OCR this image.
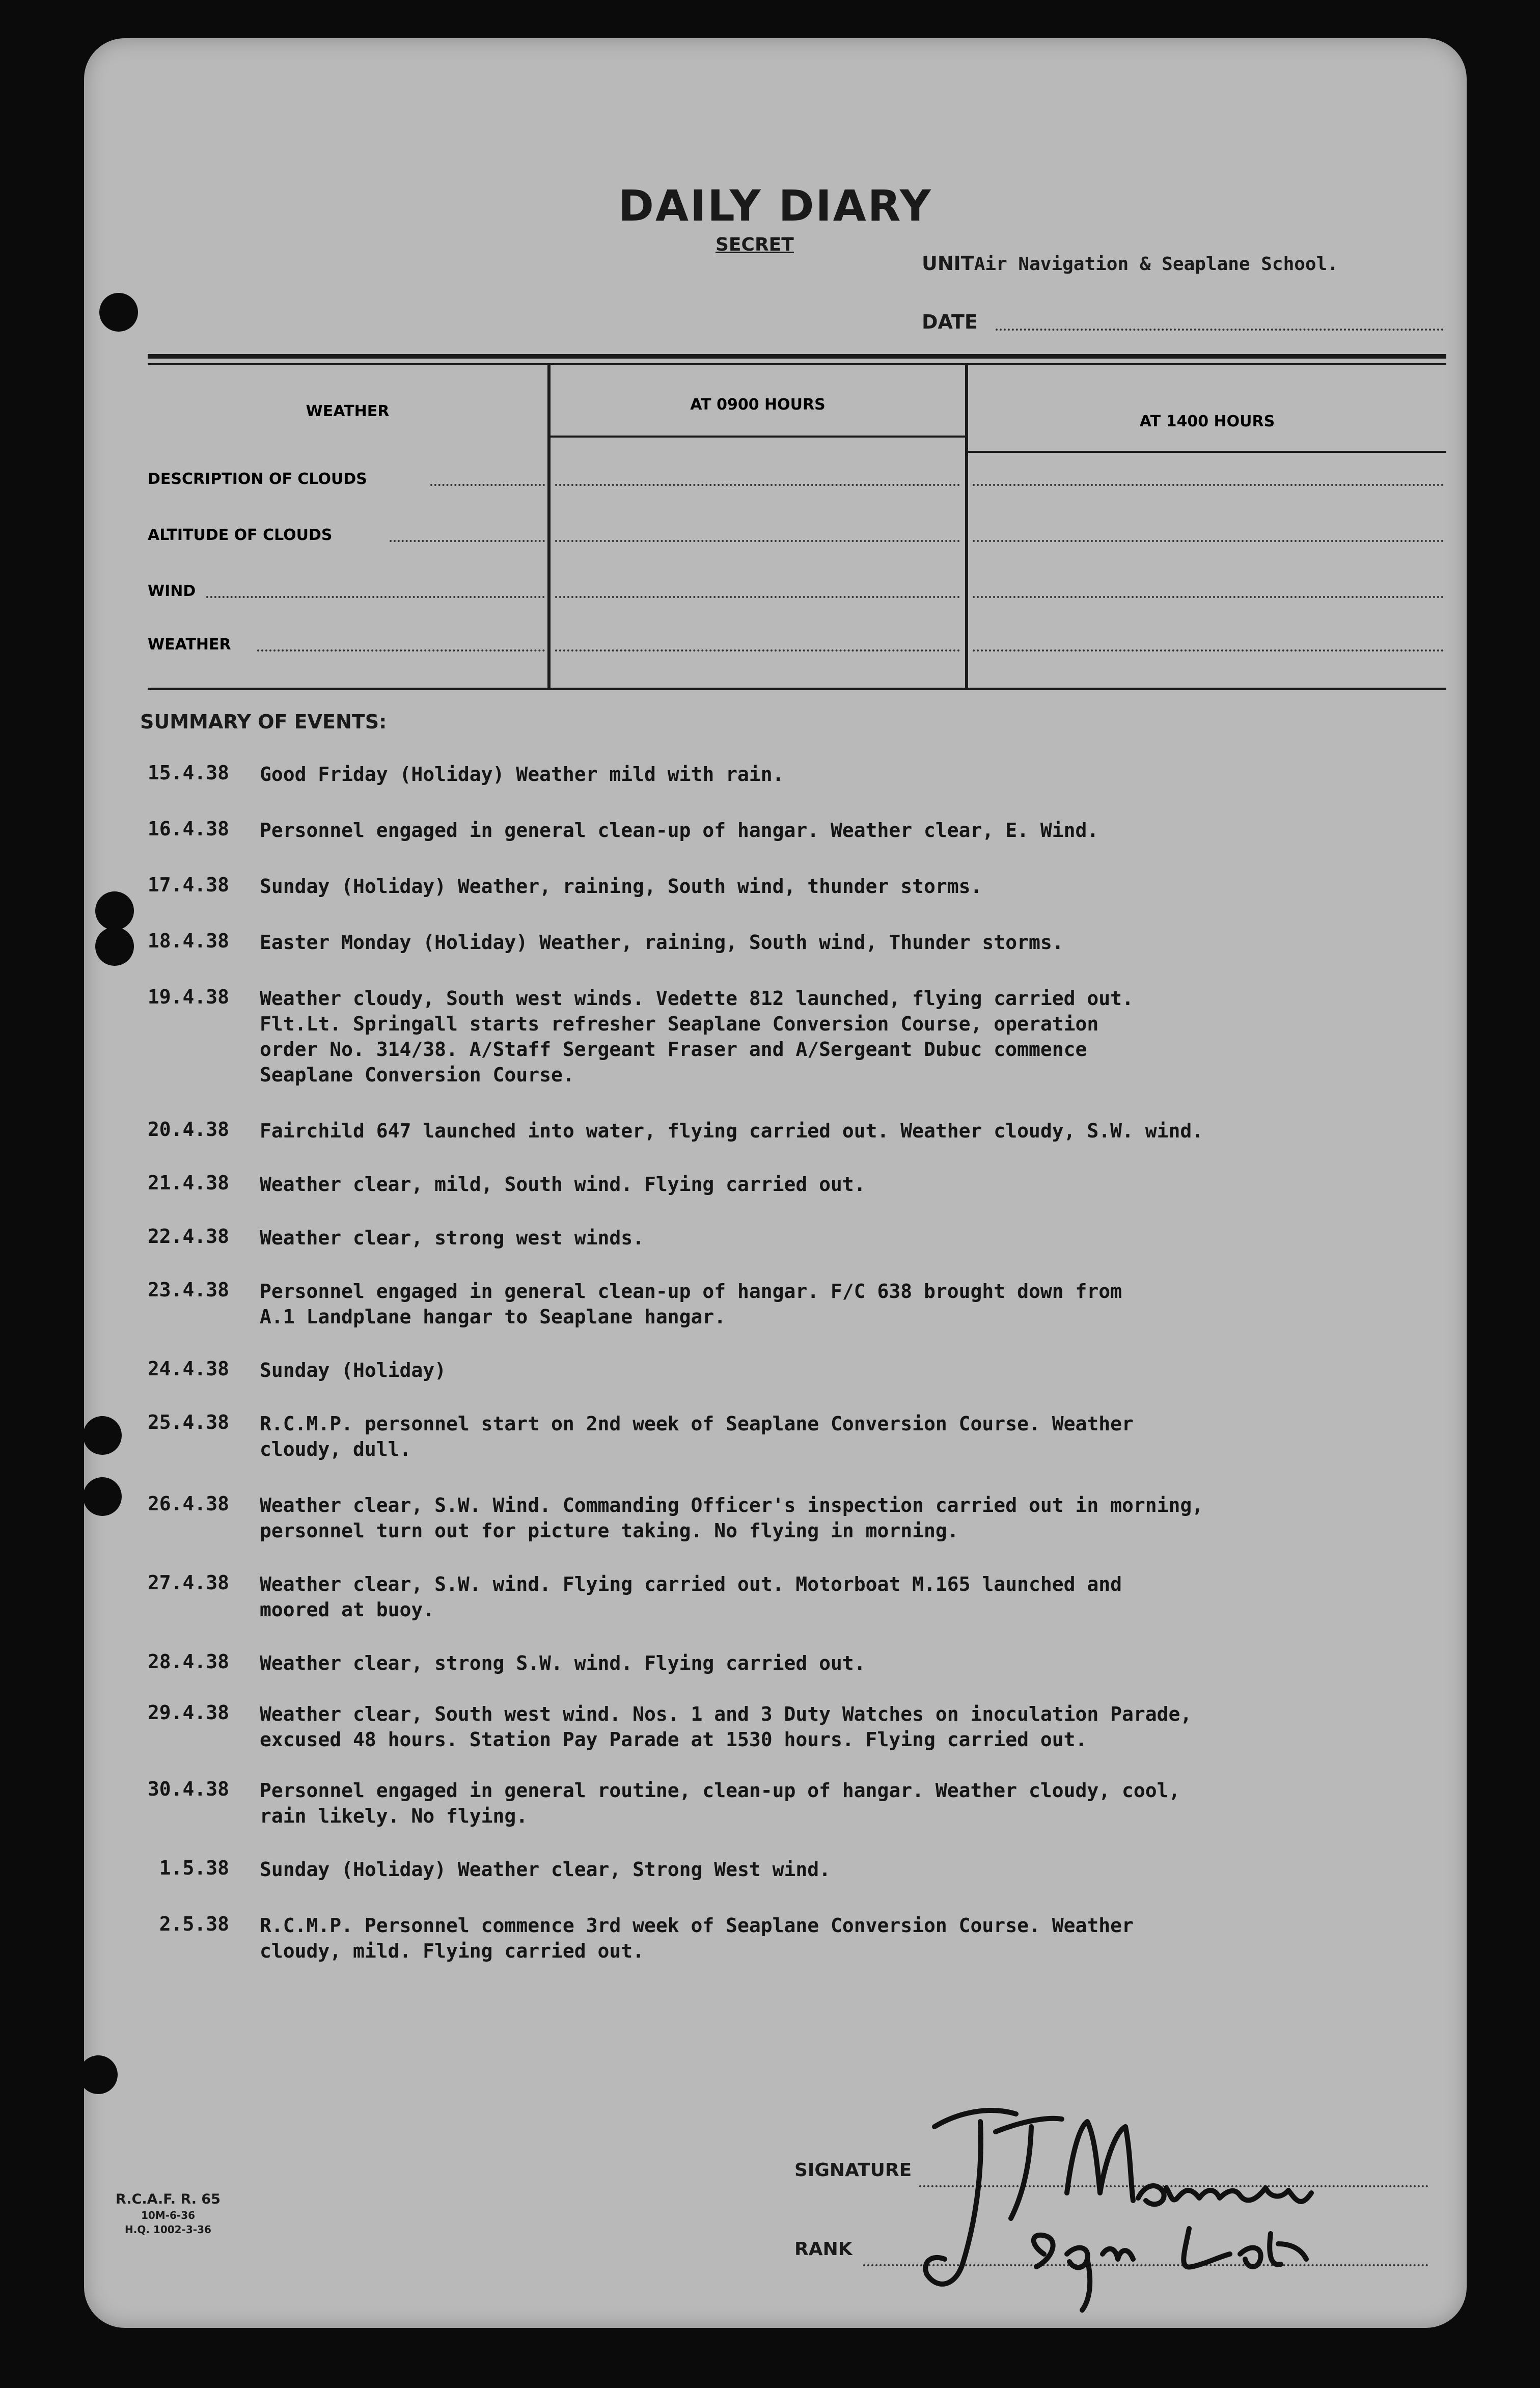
DAILY DIARY
SECRET
UNITAir Navigation & Seaplane School.
DATE
WEATHER	AT 0900 HOURS
AT 1400 HOURS
DESCRIPTION OF CLOUDS
ALTITUDE OF CLOUDS
WIND
WEATHER
SUMMARY OF EVENTS:
15.4.38 Good Friday (Holiday) Weather mild with rain.
16.4.38 Personnel engaged in general clean-up of hangar. Weather clear, E. Wind.
17.4.38 Sunday (Holiday) Weather, raining, South wind, thunder storms.
18.4.38 Easter Monday (Holiday) Weather, raining, South wind, Thunder storms.
19.4.38 Weather cloudy, South west winds. Vedette 812 launched, flying carried out.
Flt.Lt. Springall starts refresher Seaplane Conversion Course, operation
order No. 314/38. A/Staff Sergeant Fraser and A/Sergeant Dubuc commence
Seaplane Conversion Course.
20.4.38 Fairchild 647 launched into water, flying carried out. Weather cloudy, S.W. wind.
21.4.38 Weather clear, mild, South wind. Flying carried out.
22.4.38 Weather clear, strong west winds.
23.4.38 Personnel engaged in general clean-up of hangar. F/C 638 brought down from
A.1 Landplane hangar to Seaplane hangar.
24.4.38 Sunday (Holiday)
25.4.38 R.C.M.P. personnel start on 2nd week of Seaplane Conversion Course. Weather
cloudy, dull.
26.4.38 Weather clear, S.W. Wind. Commanding Officer's inspection carried out in morning,
personnel turn out for picture taking. No flying in morning.
27.4.38 Weather clear, S.W. wind. Flying carried out. Motorboat M.165 launched and
moored at buoy.
28.4.38 Weather clear, strong S.W. wind. Flying carried out.
29.4.38 Weather clear, South west wind. Nos. 1 and 3 Duty Watches on inoculation Parade,
excused 48 hours. Station Pay Parade at 1530 hours. Flying carried out.
30.4.38 Personnel engaged in general routine, clean-up of hangar. Weather cloudy, cool,
rain likely. No flying.
1.5.38 Sunday (Holiday) Weather clear, Strong West wind.
2.5.38 R.C.M.P. Personnel commence 3rd week of Seaplane Conversion Course. Weather
cloudy, mild. Flying carried out.
R.C.A.F. R. 65
10M-6-36
H.Q. 1002-3-36
SIGNATURE
RANK
